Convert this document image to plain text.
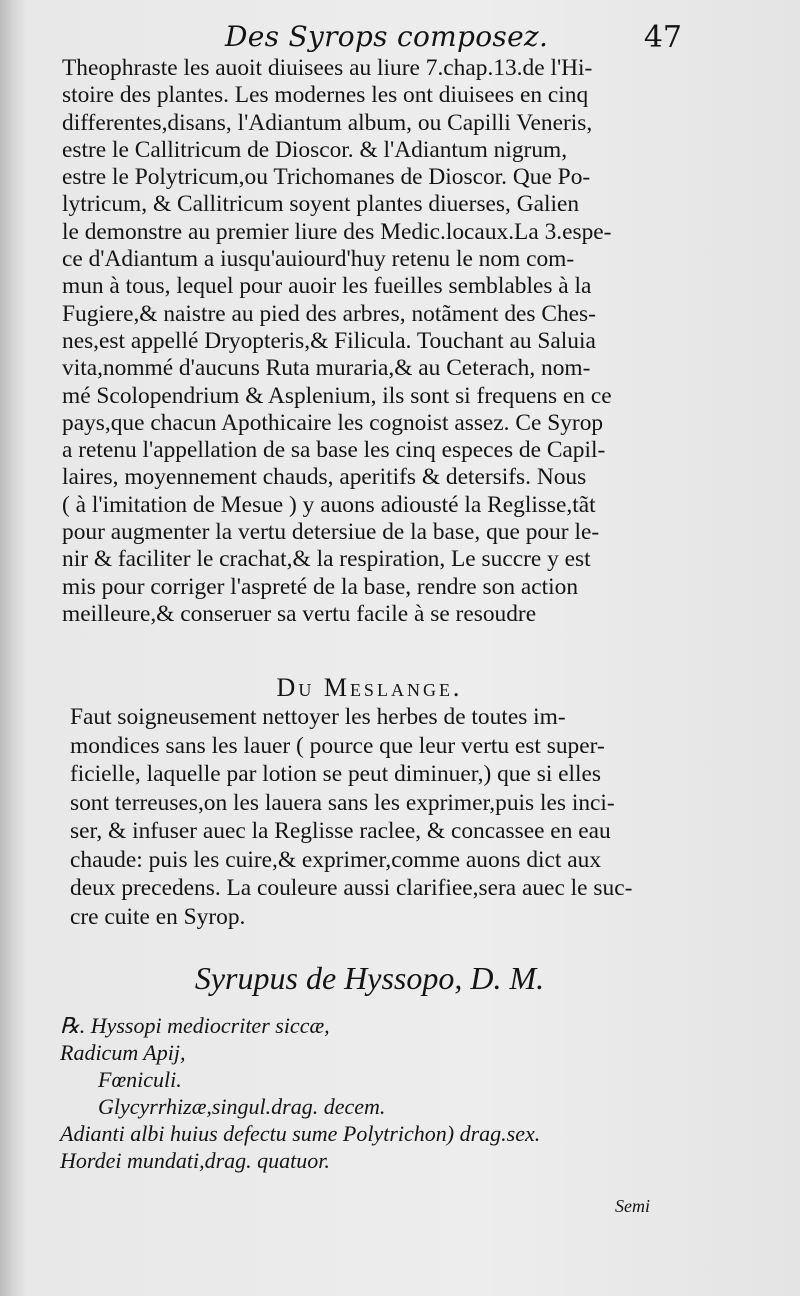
Des Syrops composez.	47
Theophraste les auoit diuisees au liure 7.chap.13.de l'Hi-
stoire des plantes. Les modernes les ont diuisees en cinq
differentes,disans, l'Adiantum album, ou Capilli Veneris,
estre le Callitricum de Dioscor. & l'Adiantum nigrum,
estre le Polytricum,ou Trichomanes de Dioscor. Que Po-
lytricum, & Callitricum soyent plantes diuerses, Galien
le demonstre au premier liure des Medic.locaux.La 3.espe-
ce d'Adiantum a iusqu'auiourd'huy retenu le nom com-
mun à tous, lequel pour auoir les fueilles semblables à la
Fugiere,& naistre au pied des arbres, notãment des Ches-
nes,est appellé Dryopteris,& Filicula. Touchant au Saluia
vita,nommé d'aucuns Ruta muraria,& au Ceterach, nom-
mé Scolopendrium & Asplenium, ils sont si frequens en ce
pays,que chacun Apothicaire les cognoist assez. Ce Syrop
a retenu l'appellation de sa base les cinq especes de Capil-
laires, moyennement chauds, aperitifs & detersifs. Nous
( à l'imitation de Mesue ) y auons adiousté la Reglisse,tãt
pour augmenter la vertu detersiue de la base, que pour le-
nir & faciliter le crachat,& la respiration, Le succre y est
mis pour corriger l'aspreté de la base, rendre son action
meilleure,& conseruer sa vertu facile à se resoudre
Du Meslange.
Faut soigneusement nettoyer les herbes de toutes im-
mondices sans les lauer ( pource que leur vertu est super-
ficielle, laquelle par lotion se peut diminuer,) que si elles
sont terreuses,on les lauera sans les exprimer,puis les inci-
ser, & infuser auec la Reglisse raclee, & concassee en eau
chaude: puis les cuire,& exprimer,comme auons dict aux
deux precedens. La couleure aussi clarifiee,sera auec le suc-
cre cuite en Syrop.
Syrupus de Hyssopo, D. M.
℞. Hyssopi mediocriter siccæ,
Radicum Apij,
Fœniculi.
Glycyrrhizæ,singul.drag. decem.
Adianti albi huius defectu sume Polytrichon) drag.sex.
Hordei mundati,drag. quatuor.
Semi
